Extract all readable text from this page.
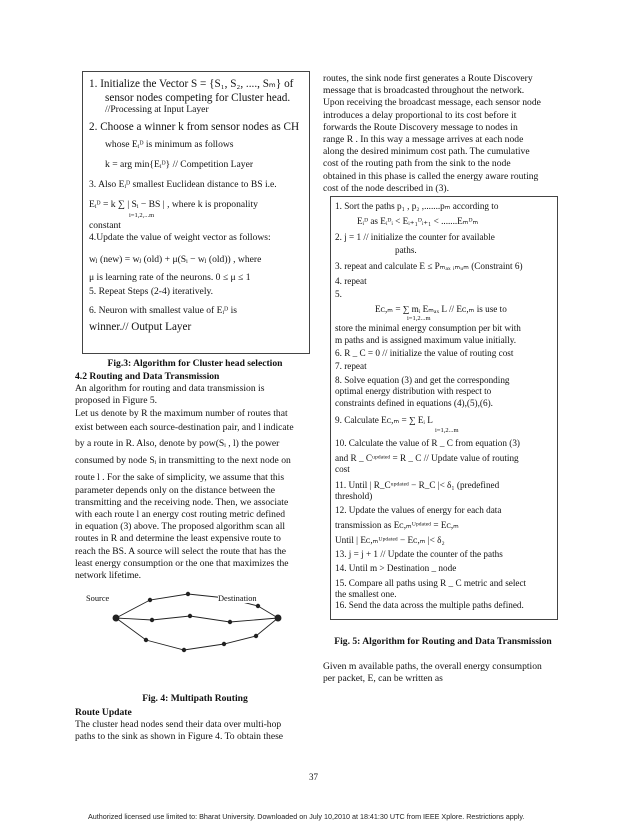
1. Initialize the Vector S = {S₁, S₂, ...., Sₘ} of
sensor nodes competing for Cluster head.
//Processing at Input Layer
2. Choose a winner k from sensor nodes as CH
whose Eᵢᴰ is minimum as follows
k = arg min{Eᵢᴰ} // Competition Layer
3. Also Eᵢᴰ smallest Euclidean distance to BS i.e.
Eᵢᴰ = k ∑ | Sᵢ − BS | , where k is proponality
i=1,2,...m
constant
4.Update the value of weight vector as follows:
wⱼ (new) = wⱼ (old) + μ(Sᵢ − wⱼ (old)) , where
μ is learning rate of the neurons. 0 ≤ μ ≤ 1
5. Repeat Steps (2-4) iteratively.
6. Neuron with smallest value of Eᵢᴰ is
winner.// Output Layer
Fig.3: Algorithm for Cluster head selection
4.2 Routing and Data Transmission
An algorithm for routing and data transmission is
proposed in Figure 5.
Let us denote by R the maximum number of routes that
exist between each source-destination pair, and l indicate
by a route in R. Also, denote by pow(Sᵢ , l) the power
consumed by node Sᵢ in transmitting to the next node on
route l . For the sake of simplicity, we assume that this
parameter depends only on the distance between the
transmitting and the receiving node. Then, we associate
with each route l an energy cost routing metric defined
in equation (3) above. The proposed algorithm scan all
routes in R and determine the least expensive route to
reach the BS. A source will select the route that has the
least energy consumption or the one that maximizes the
network lifetime.
Source	Destination
Fig. 4: Multipath Routing
Route Update
The cluster head nodes send their data over multi-hop
paths to the sink as shown in Figure 4. To obtain these
routes, the sink node first generates a Route Discovery
message that is broadcasted throughout the network.
Upon receiving the broadcast message, each sensor node
introduces a delay proportional to its cost before it
forwards the Route Discovery message to nodes in
range R . In this way a message arrives at each node
along the desired minimum cost path. The cumulative
cost of the routing path from the sink to the node
obtained in this phase is called the energy aware routing
cost of the node described in (3).
1. Sort the paths p₁ , p₂ ,.......pₘ according to
Eᵢᴰ as Eᵢᴰᵢ < Eᵢ₊₁ᴰᵢ₊₁ < .......Eₘᴰₘ
2. j = 1 // initialize the counter for available
paths.
3. repeat and calculate E ≤ Pₘₐₓ ᵢₘᵤₘ (Constraint 6)
4. repeat
5.
Eᴄ,ₘ = ∑ mᵢ Eₘₐₓ L // Eᴄ,ₘ is use to
i=1,2...m
store the minimal energy consumption per bit with
m paths and is assigned maximum value initially.
6. R _ C = 0 // initialize the value of routing cost
7. repeat
8. Solve equation (3) and get the corresponding
optimal energy distribution with respect to
constraints defined in equations (4),(5),(6).
9. Calculate Eᴄ,ₘ = ∑ Eᵢ L
i=1,2...m
10. Calculate the value of R _ C from equation (3)
and R _ Cᵘᵖᵈᵃᵗᵉᵈ = R _ C // Update value of routing
cost
11. Until | R_Cᵘᵖᵈᵃᵗᵉᵈ − R_C |< δ₁ (predefined
threshold)
12. Update the values of energy for each data
transmission as Eᴄ,ₘᵁᵖᵈᵃᵗᵉᵈ = Eᴄ,ₘ
Until | Eᴄ,ₘᵁᵖᵈᵃᵗᵉᵈ − Eᴄ,ₘ |< δ₂
13. j = j + 1 // Update the counter of the paths
14. Until m > Destination _ node
15. Compare all paths using R _ C metric and select
the smallest one.
16. Send the data across the multiple paths defined.
Fig. 5: Algorithm for Routing and Data Transmission
Given m available paths, the overall energy consumption
per packet, E, can be written as
37
Authorized licensed use limited to: Bharat University. Downloaded on July 10,2010 at 18:41:30 UTC from IEEE Xplore. Restrictions apply.
